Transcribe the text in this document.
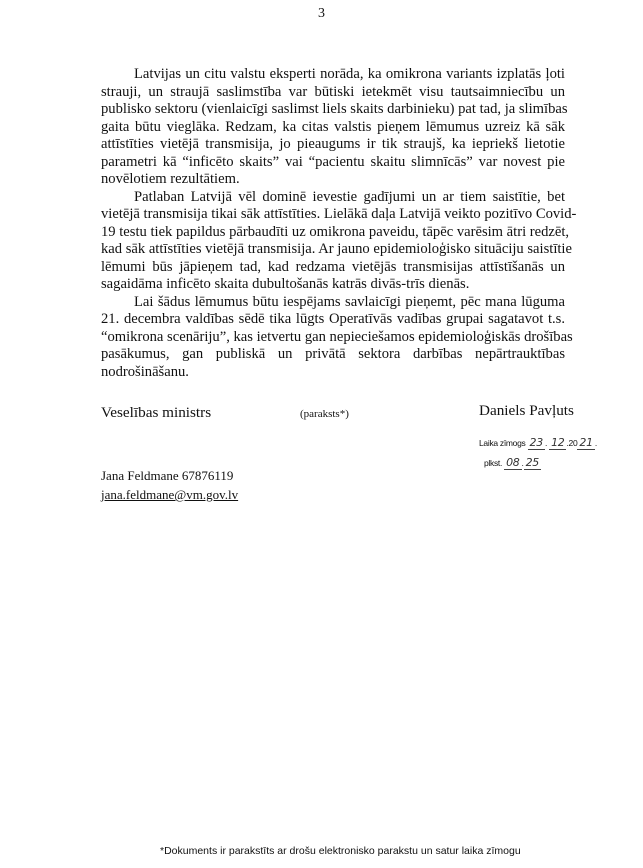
3
Latvijas un citu valstu eksperti norāda, ka omikrona variants izplatās ļoti
strauji, un straujā saslimstība var būtiski ietekmēt visu tautsaimniecību un
publisko sektoru (vienlaicīgi saslimst liels skaits darbinieku) pat tad, ja slimības
gaita būtu vieglāka. Redzam, ka citas valstis pieņem lēmumus uzreiz kā sāk
attīstīties vietējā transmisija, jo pieaugums ir tik straujš, ka iepriekš lietotie
parametri kā “inficēto skaits” vai “pacientu skaitu slimnīcās” var novest pie
novēlotiem rezultātiem.
Patlaban Latvijā vēl dominē ievestie gadījumi un ar tiem saistītie, bet
vietējā transmisija tikai sāk attīstīties. Lielākā daļa Latvijā veikto pozitīvo Covid-
19 testu tiek papildus pārbaudīti uz omikrona paveidu, tāpēc varēsim ātri redzēt,
kad sāk attīstīties vietējā transmisija. Ar jauno epidemioloģisko situāciju saistītie
lēmumi būs jāpieņem tad, kad redzama vietējās transmisijas attīstīšanās un
sagaidāma inficēto skaita dubultošanās katrās divās-trīs dienās.
Lai šādus lēmumus būtu iespējams savlaicīgi pieņemt, pēc mana lūguma
21. decembra valdības sēdē tika lūgts Operatīvās vadības grupai sagatavot t.s.
“omikrona scenāriju”, kas ietvertu gan nepieciešamos epidemioloģiskās drošības
pasākumus, gan publiskā un privātā sektora darbības nepārtrauktības
nodrošināšanu.
Veselības ministrs	(paraksts*)	Daniels Pavļuts
Laika zīmogs 23 . 12 .20 21 .
plkst. 08 . 25
Jana Feldmane 67876119
jana.feldmane@vm.gov.lv
*Dokuments ir parakstīts ar drošu elektronisko parakstu un satur laika zīmogu
